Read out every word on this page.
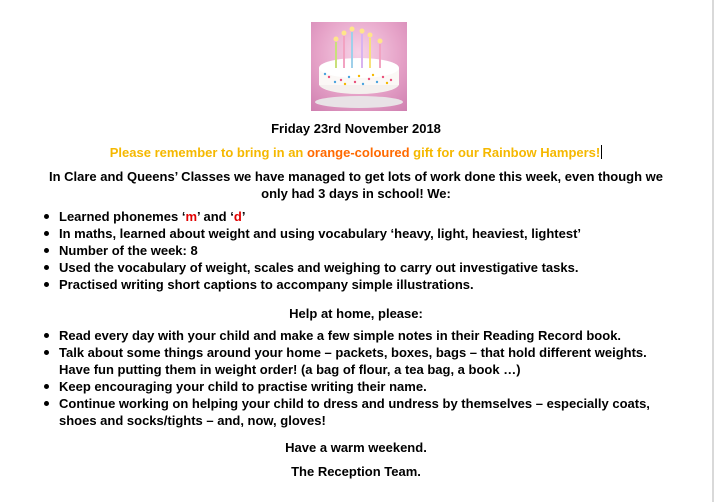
Friday 23rd November 2018
Please remember to bring in an orange-coloured gift for our Rainbow Hampers!
In Clare and Queens’ Classes we have managed to get lots of work done this week, even though we
only had 3 days in school! We:
Learned phonemes ‘m’ and ‘d’
In maths, learned about weight and using vocabulary ‘heavy, light, heaviest, lightest’
Number of the week: 8
Used the vocabulary of weight, scales and weighing to carry out investigative tasks.
Practised writing short captions to accompany simple illustrations.
Help at home, please:
Read every day with your child and make a few simple notes in their Reading Record book.
Talk about some things around your home – packets, boxes, bags – that hold different weights.
Have fun putting them in weight order! (a bag of flour, a tea bag, a book …)
Keep encouraging your child to practise writing their name.
Continue working on helping your child to dress and undress by themselves – especially coats,
shoes and socks/tights – and, now, gloves!
Have a warm weekend.
The Reception Team.
